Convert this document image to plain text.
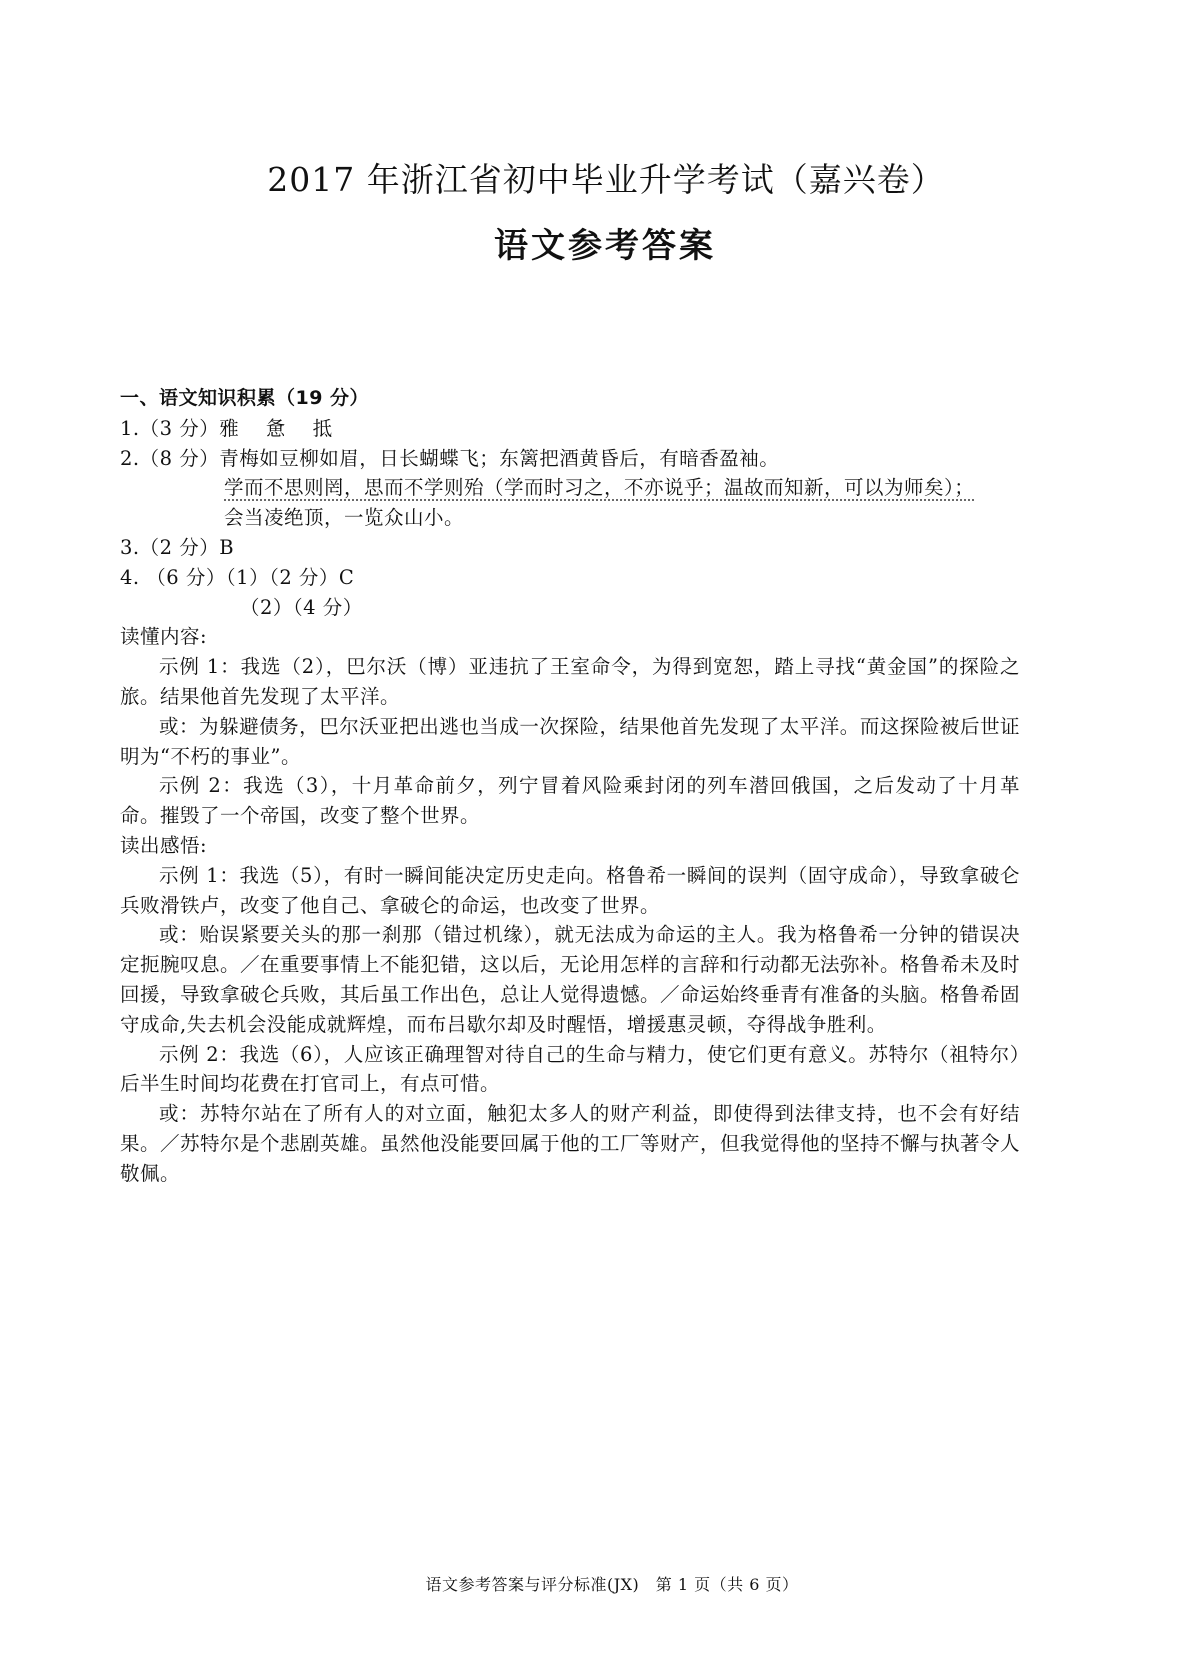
2017 年浙江省初中毕业升学考试（嘉兴卷）
语文参考答案
一、语文知识积累（19 分）
1.（3 分）雅　 惫　 抵
2.（8 分）青梅如豆柳如眉，日长蝴蝶飞；东篱把酒黄昏后，有暗香盈袖。
学而不思则罔，思而不学则殆（学而时习之，不亦说乎；温故而知新，可以为师矣）；
会当凌绝顶，一览众山小。
3.（2 分）B
4. （6 分）（1）（2 分）C
（2）（4 分）
读懂内容:
示例 1：我选（2），巴尔沃（博）亚违抗了王室命令，为得到宽恕，踏上寻找“黄金国”的探险之旅。结果他首先发现了太平洋。
或：为躲避债务，巴尔沃亚把出逃也当成一次探险，结果他首先发现了太平洋。而这探险被后世证明为“不朽的事业”。
示例 2：我选（3），十月革命前夕，列宁冒着风险乘封闭的列车潜回俄国，之后发动了十月革命。摧毁了一个帝国，改变了整个世界。
读出感悟:
示例 1：我选（5），有时一瞬间能决定历史走向。格鲁希一瞬间的误判（固守成命），导致拿破仑兵败滑铁卢，改变了他自己、拿破仑的命运，也改变了世界。
或：贻误紧要关头的那一刹那（错过机缘），就无法成为命运的主人。我为格鲁希一分钟的错误决定扼腕叹息。／在重要事情上不能犯错，这以后，无论用怎样的言辞和行动都无法弥补。格鲁希未及时回援，导致拿破仑兵败，其后虽工作出色，总让人觉得遗憾。／命运始终垂青有准备的头脑。格鲁希固守成命,失去机会没能成就辉煌，而布吕歇尔却及时醒悟，增援惠灵顿，夺得战争胜利。
示例 2：我选（6），人应该正确理智对待自己的生命与精力，使它们更有意义。苏特尔（祖特尔）后半生时间均花费在打官司上，有点可惜。
或：苏特尔站在了所有人的对立面，触犯太多人的财产利益，即使得到法律支持，也不会有好结果。／苏特尔是个悲剧英雄。虽然他没能要回属于他的工厂等财产，但我觉得他的坚持不懈与执著令人敬佩。
语文参考答案与评分标准(JX)　第 1 页（共 6 页）
